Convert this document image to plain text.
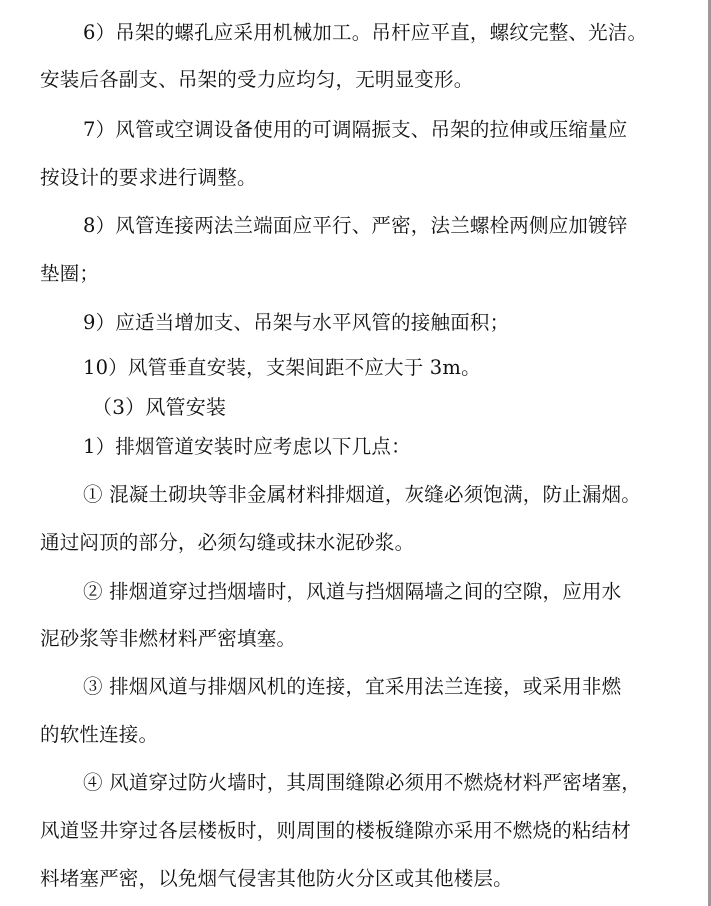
6）吊架的螺孔应采用机械加工。吊杆应平直，螺纹完整、光洁。
安装后各副支、吊架的受力应均匀，无明显变形。
7）风管或空调设备使用的可调隔振支、吊架的拉伸或压缩量应
按设计的要求进行调整。
8）风管连接两法兰端面应平行、严密，法兰螺栓两侧应加镀锌
垫圈；
9）应适当增加支、吊架与水平风管的接触面积；
10）风管垂直安装，支架间距不应大于 3m。
（3）风管安装
1）排烟管道安装时应考虑以下几点：
① 混凝土砌块等非金属材料排烟道，灰缝必须饱满，防止漏烟。
通过闷顶的部分，必须勾缝或抹水泥砂浆。
② 排烟道穿过挡烟墙时，风道与挡烟隔墙之间的空隙，应用水
泥砂浆等非燃材料严密填塞。
③ 排烟风道与排烟风机的连接，宜采用法兰连接，或采用非燃
的软性连接。
④ 风道穿过防火墙时，其周围缝隙必须用不燃烧材料严密堵塞，
风道竖井穿过各层楼板时，则周围的楼板缝隙亦采用不燃烧的粘结材
料堵塞严密，以免烟气侵害其他防火分区或其他楼层。
